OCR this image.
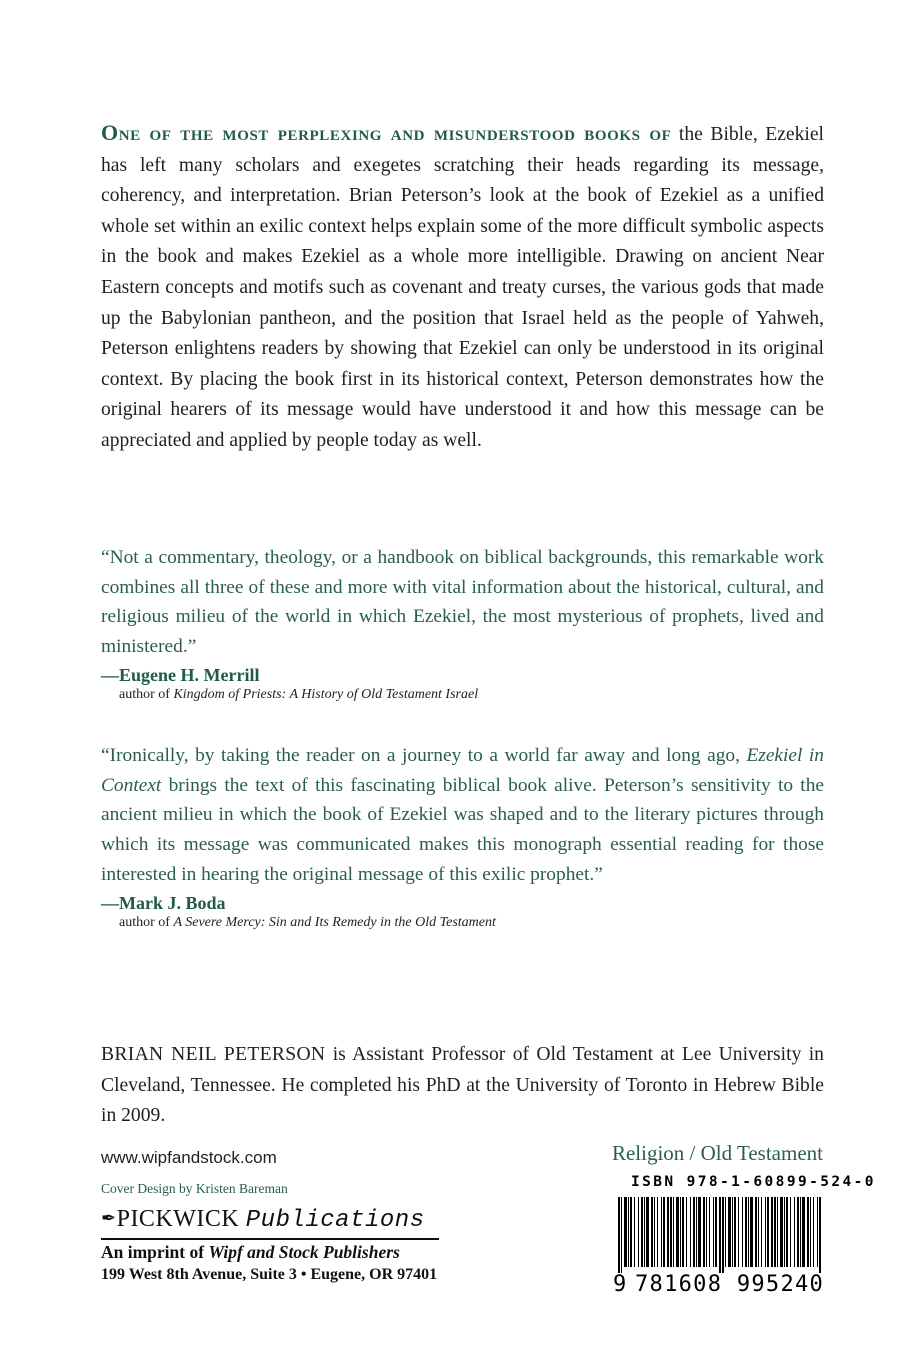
One of the most perplexing and misunderstood books of the Bible, Ezekiel has left many scholars and exegetes scratching their heads regarding its message, coherency, and interpretation. Brian Peterson’s look at the book of Ezekiel as a unified whole set within an exilic context helps explain some of the more difficult symbolic aspects in the book and makes Ezekiel as a whole more intelligible. Drawing on ancient Near Eastern concepts and motifs such as covenant and treaty curses, the various gods that made up the Babylonian pantheon, and the position that Israel held as the people of Yahweh, Peterson enlightens readers by showing that Ezekiel can only be understood in its original context. By placing the book first in its historical context, Peterson demonstrates how the original hearers of its message would have understood it and how this message can be appreciated and applied by people today as well.
“Not a commentary, theology, or a handbook on biblical backgrounds, this remarkable work combines all three of these and more with vital information about the historical, cultural, and religious milieu of the world in which Ezekiel, the most mysterious of prophets, lived and ministered.”
—Eugene H. Merrill
author of Kingdom of Priests: A History of Old Testament Israel
“Ironically, by taking the reader on a journey to a world far away and long ago, Ezekiel in Context brings the text of this fascinating biblical book alive. Peterson’s sensitivity to the ancient milieu in which the book of Ezekiel was shaped and to the literary pictures through which its message was communicated makes this monograph essential reading for those interested in hearing the original message of this exilic prophet.”
—Mark J. Boda
author of A Severe Mercy: Sin and Its Remedy in the Old Testament
BRIAN NEIL PETERSON is Assistant Professor of Old Testament at Lee University in Cleveland, Tennessee. He completed his PhD at the University of Toronto in Hebrew Bible in 2009.
www.wipfandstock.com
Cover Design by Kristen Bareman
✒PICKWICK Publications
An imprint of Wipf and Stock Publishers
199 West 8th Avenue, Suite 3 • Eugene, OR 97401
Religion / Old Testament
ISBN 978-1-60899-524-0
9 781608 995240
